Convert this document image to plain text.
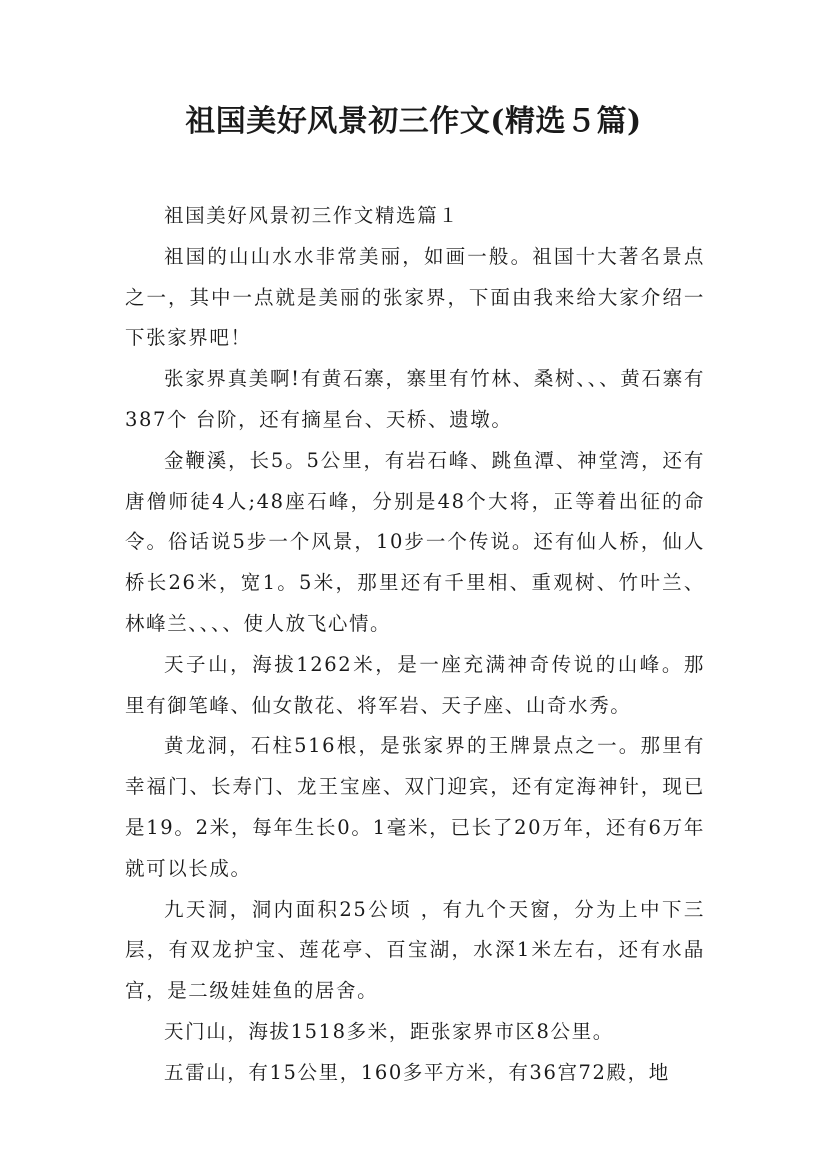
祖国美好风景初三作文(精选５篇)

祖国美好风景初三作文精选篇１

祖国的山山水水非常美丽，如画一般。祖国十大著名景点之一，其中一点就是美丽的张家界，下面由我来给大家介绍一下张家界吧！

张家界真美啊!有黄石寨，寨里有竹林、桑树、、、黄石寨有387个 台阶，还有摘星台、天桥、遗墩。

金鞭溪，长5。5公里，有岩石峰、跳鱼潭、神堂湾，还有唐僧师徒4人;48座石峰，分别是48个大将，正等着出征的命令。俗话说5步一个风景，10步一个传说。还有仙人桥，仙人桥长26米，宽1。5米，那里还有千里相、重观树、竹叶兰、林峰兰、、、、使人放飞心情。

天子山，海拔1262米，是一座充满神奇传说的山峰。那里有御笔峰、仙女散花、将军岩、天子座、山奇水秀。

黄龙洞，石柱516根，是张家界的王牌景点之一。那里有幸福门、长寿门、龙王宝座、双门迎宾，还有定海神针，现已是19。2米，每年生长0。1毫米，已长了20万年，还有6万年就可以长成。

九天洞，洞内面积25公顷 ，有九个天窗，分为上中下三层，有双龙护宝、莲花亭、百宝湖，水深1米左右，还有水晶宫，是二级娃娃鱼的居舍。

天门山，海拔1518多米，距张家界市区8公里。

五雷山，有15公里，160多平方米，有36宫72殿，地
